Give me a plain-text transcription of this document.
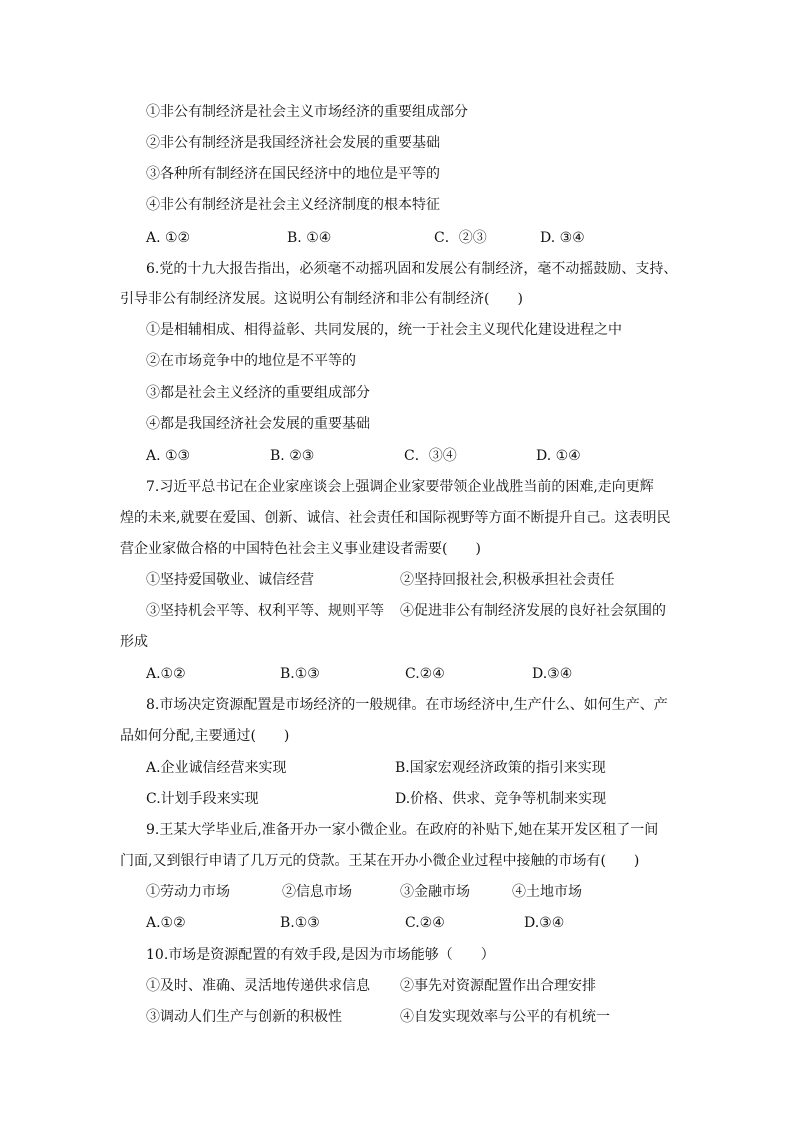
①非公有制经济是社会主义市场经济的重要组成部分
②非公有制经济是我国经济社会发展的重要基础
③各种所有制经济在国民经济中的地位是平等的
④非公有制经济是社会主义经济制度的根本特征
A. ①②	B. ①④	C．②③	D. ③④
6.党的十九大报告指出，必须毫不动摇巩固和发展公有制经济，毫不动摇鼓励、支持、
引导非公有制经济发展。这说明公有制经济和非公有制经济(　　)
①是相辅相成、相得益彰、共同发展的，统一于社会主义现代化建设进程之中
②在市场竞争中的地位是不平等的
③都是社会主义经济的重要组成部分
④都是我国经济社会发展的重要基础
A. ①③	B. ②③	C．③④	D. ①④
7.习近平总书记在企业家座谈会上强调企业家要带领企业战胜当前的困难,走向更辉
煌的未来,就要在爱国、创新、诚信、社会责任和国际视野等方面不断提升自己。这表明民
营企业家做合格的中国特色社会主义事业建设者需要(　　)
①坚持爱国敬业、诚信经营	②坚持回报社会,积极承担社会责任
③坚持机会平等、权利平等、规则平等 ④促进非公有制经济发展的良好社会氛围的
形成
A.①②	B.①③	C.②④	D.③④
8.市场决定资源配置是市场经济的一般规律。在市场经济中,生产什么、如何生产、产
品如何分配,主要通过(　　)
A.企业诚信经营来实现	B.国家宏观经济政策的指引来实现
C.计划手段来实现	D.价格、供求、竞争等机制来实现
9.王某大学毕业后,准备开办一家小微企业。在政府的补贴下,她在某开发区租了一间
门面,又到银行申请了几万元的贷款。王某在开办小微企业过程中接触的市场有(　　)
①劳动力市场	②信息市场	③金融市场	④土地市场
A.①②	B.①③	C.②④	D.③④
10.市场是资源配置的有效手段,是因为市场能够（　　）
①及时、准确、灵活地传递供求信息 ②事先对资源配置作出合理安排
③调动人们生产与创新的积极性	④自发实现效率与公平的有机统一
